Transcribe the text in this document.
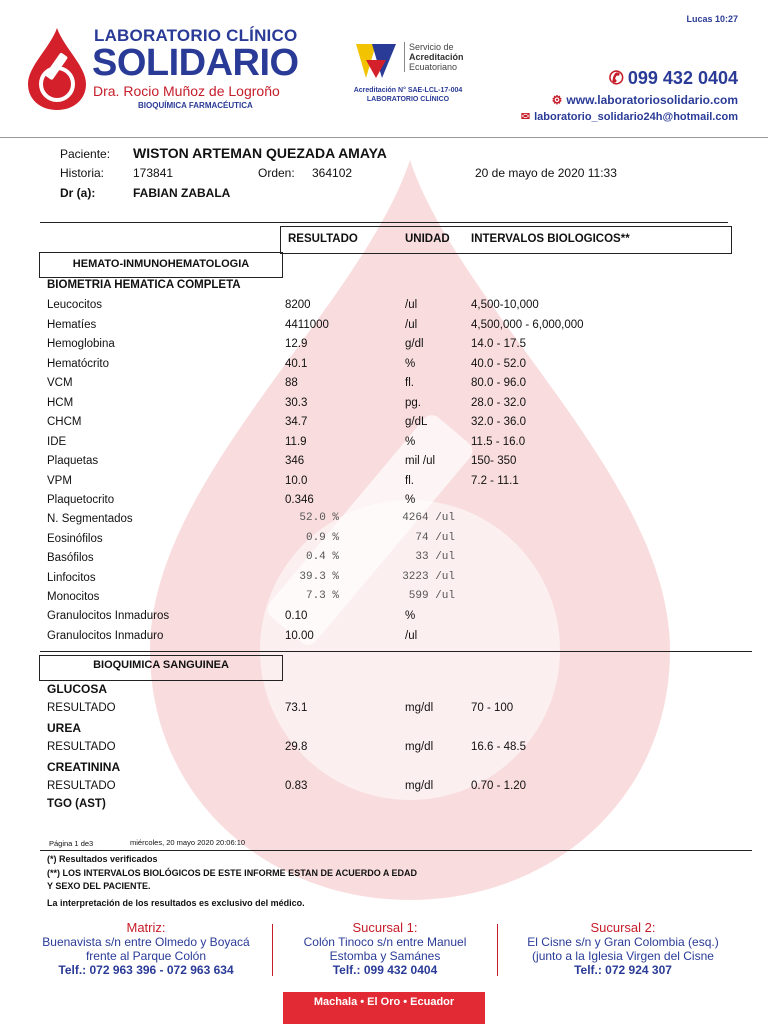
LABORATORIO CLÍNICO
SOLIDARIO
Dra. Rocio Muñoz de Logroño
BIOQUÍMICA FARMACÉUTICA
Servicio de
Acreditación
Ecuatoriano
Acreditación N° SAE-LCL-17-004
LABORATORIO CLÍNICO
Lucas 10:27
✆ 099 432 0404
⚙ www.laboratoriosolidario.com
✉ laboratorio_solidario24h@hotmail.com
Paciente: WISTON ARTEMAN QUEZADA AMAYA
Historia: 173841	Orden: 364102	20 de mayo de 2020 11:33
Dr (a):	FABIAN ZABALA
RESULTADO	UNIDAD INTERVALOS BIOLOGICOS**
HEMATO-INMUNOHEMATOLOGIA
BIOMETRIA HEMATICA COMPLETA
Leucocitos	8200	/ul	4,500-10,000
Hematíes	4411000	/ul	4,500,000 - 6,000,000
Hemoglobina	12.9	g/dl	14.0 - 17.5
Hematócrito	40.1	%	40.0 - 52.0
VCM	88	fl.	80.0 - 96.0
HCM	30.3	pg.	28.0 - 32.0
CHCM	34.7	g/dL	32.0 - 36.0
IDE	11.9	%	11.5 - 16.0
Plaquetas	346	mil /ul	150- 350
VPM	10.0	fl.	7.2 - 11.1
Plaquetocrito	0.346	%
N. Segmentados	52.0 %	4264 /ul
Eosinófilos	0.9 %	74 /ul
Basófilos	0.4 %	33 /ul
Linfocitos	39.3 %	3223 /ul
Monocitos	7.3 %	599 /ul
Granulocitos Inmaduros	0.10	%
Granulocitos Inmaduro	10.00	/ul
BIOQUIMICA SANGUINEA
GLUCOSA
RESULTADO	73.1	mg/dl	70 - 100
UREA
RESULTADO	29.8	mg/dl	16.6 - 48.5
CREATININA
RESULTADO	0.83	mg/dl	0.70 - 1.20
TGO (AST)
Página 1 de3	miércoles, 20 mayo 2020 20:06:10
(*) Resultados verificados
(**) LOS INTERVALOS BIOLÓGICOS DE ESTE INFORME ESTAN DE ACUERDO A EDAD
Y SEXO DEL PACIENTE.
La interpretación de los resultados es exclusivo del médico.
Matriz:
Buenavista s/n entre Olmedo y Boyacá
frente al Parque Colón
Telf.: 072 963 396 - 072 963 634
Sucursal 1:
Colón Tinoco s/n entre Manuel
Estomba y Samánes
Telf.: 099 432 0404
Sucursal 2:
El Cisne s/n y Gran Colombia (esq.)
(junto a la Iglesia Virgen del Cisne
Telf.: 072 924 307
Machala • El Oro • Ecuador
